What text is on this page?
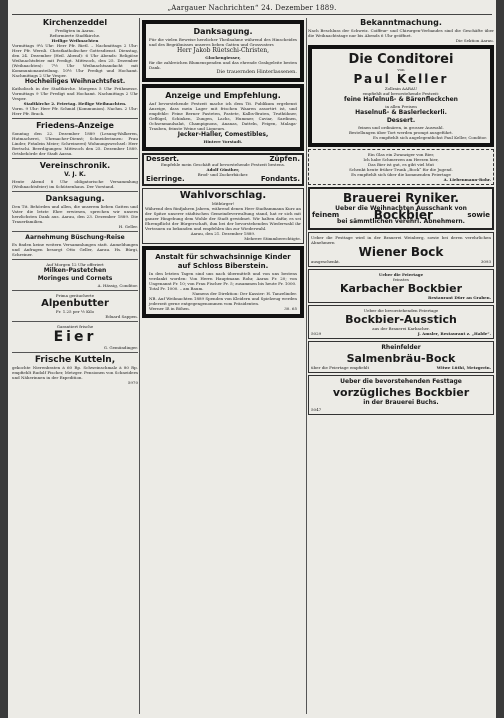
„Aargauer Nachrichten“ 24. Dezember 1889.
Kirchenzeddel
Predigten in Aarau.
Reformierte Stadtkirche.
Heilige Weihnachten

Vormittags 9¼ Uhr: Herr Pfr. Rietl. – Nachmittags 2 Uhr: Herr Pfr. Wernli. Christkatholischer Gottesdienst. Dienstag, den 24. Dezember (Heil. Abend): 6 Uhr Abends: Religiöse Weihnachtsfeier mit Predigt. Mittwoch, den 25. Dezember (Weihnachten): 7½ Uhr Weihnachtsandacht mit Kommunionausteilung. 10½ Uhr Predigt und Hochamt. Nachmittags 2 Uhr Vesper.

Hochheiliges Weihnachtsfest.

Katholisch in der Stadtkirche. Morgens 5 Uhr Frühmesse. Vormittags 9 Uhr Predigt und Hochamt. Nachmittags 2 Uhr Vesper.

Stadtkirche 2. Feiertag. Heilige Weihnachten.

Vorm. 9 Uhr: Herr Pfr. Schmid (Kommunion). Nachm. 2 Uhr: Herr Pfr. Brack.

Friedens-Anzeige

Sonntag den 22. Dezember 1889 (Lesung-Walkeren, Hutmacherei, Uhrmacher-Dienst; Schneiderinnen: Frau Linder, Fräulein Meier; Schreinerei) Wohnungswechsel: Herr Bertschi. Beerdigungen: Mittwoch den 25. Dezember 1889. Ortsbehörde der Stadt Aarau.

Vereinschronik.
V. J. K.

Heute Abend 8 Uhr obligatorische Versammlung (Weihnachtsfeier) im Schützenhaus. Der Vorstand.

Danksagung.

Den Tit. Behörden und allen, die unserem lieben Gatten und Vater die letzte Ehre erwiesen, sprechen wir unsern herzlichsten Dank aus. Aarau, den 23. Dezember 1889. Die Trauerfamilien.

H. Geller.
Aarnehmung Büschung-Reise

Es finden keine weitern Versammlungen statt. Anmeldungen und Anfragen besorgt Otto Geller, Aarau. Hs. Bürgi, Schreiner.

Auf Morgen 12 Uhr offeriert
Milken-Pastetchen
Moringes und Cornets
A. Hässig, Conditor.
Prima geräucherte
Alpenbutter
Fr. 1.25 per ½ Kilo
Eduard Sappen.
Garantiert frische
Eier
G. Gemündinger.
Frische Kutteln,

gekochte Nierenbraten à 60 Rp. Schweinschmalz à 80 Rp. empfiehlt Rudolf Fischer, Metzger. Pensionen von Schneidern und Näherinnen in der Expedition.

5970
Danksagung.

Für die vielen Beweise herzlicher Theilnahme während des Hinscheides und des Begräbnisses unseres lieben Gatten und Grossvaters

Herr Jakob Rüetschi-Christen,
Glockengiesser,

für die zahlreichen Blumenspenden und das ehrende Grabgeleite besten Dank.

Die trauernden Hinterlassenen.
Anzeige und Empfehlung.

Auf bevorstehende Festzeit mache ich dem Tit. Publikum ergebenst Anzeige, dass mein Lager mit frischen Waaren assortirt ist, und empfehle: Feine Berner Pasteten, Pastete, Kalbs-Braten, Truthühner, Geflügel, Schinken, Zungen, Lachs, Hummer, Caviar, Sardinen, Ochsenmaulsalat, Champignons, Ananas, Datteln, Feigen, Malaga-Trauben, feinste Weine und Liqueurs.

Jecker-Haller, Comestibles,
Hintere Vorstadt.
Dessert.	Züpfen.
Empfehle mein Geschäft auf bevorstehende Festzeit bestens.
Adolf Günther,
Brod- und Zuckerbäcker.
Eierringe.	Fondants.
Wahlvorschlag.
Mitbürger!

Während den fünfjahren Jahren, während denen Herr Stadtammann Kurz an der Spitze unserer städtischen Gemeindeverwaltung stand, hat er sich mit ganzer Hingebung dem Wohle der Stadt gewidmet. Wir halten dafür, es sei Ehrenpflicht der Bürgerschaft, ihm bei der bevorstehenden Wiederwahl ihr Vertrauen zu bekunden und empfehlen ihn zur Wiederwahl.

Aarau, den 21. Dezember 1889.
Mehrere Stimmberechtigte.
Anstalt für schwachsinnige Kinder auf Schloss Biberstein.

In den letzten Tagen sind uns nach übermittelt und von uns bestens verdankt worden: Von Herrn Hauptmann Rohr, Aarau Fr. 20; von Ungenannt Fr. 10; von Frau Fischer Fr. 5; zusammen bis heute Fr. 1000.

Total Fr. 1000. – am Baum.
Namens der Direktion: Der Kassier: H. Tanzelinder.

NB. Auf Weihnachten 1889 Spenden von Kleidern und Spielzeug werden jederzeit gerne entgegengenommen vom Präsidenten.

Werner Iß in Böhen.	30. 65
Bekanntmachung.

Nach Beschluss der Schweiz. Coiffeur- und Chirurgen-Verbandes sind die Geschäfte über die Weihnachtstage nur bis Abends 6 Uhr geöffnet.

Die Sektion Aarau.
Die Conditorei
von
Paul Keller
Zollrain AARAU
empfiehlt auf bevorstehende Festzeit:
feine Hafelnuß- & Bärenfleckchen
in allen Preisen
Haselnuß- & Baslerleckerli.
Dessert.
feinen und ordinären, in grosser Auswahl.
Bestellungen über Tort werden prompt ausgeführt.
Es empfiehlt sich angelegentlichst Paul Keller, Conditor.
Ein Glas ein Zwanziger von Bier,
Ich habe Schmerzen am Herzen hier,
Das Bier ist gut, es gibt viel Mut
Schenkt heute früher Trunk „Bock“ für die Jugend.
Es empfiehlt sich über die kommenden Feiertage
A. Liebenmann-Rohr.
Brauerei Ryniker.
Ueber die Weihnachten Ausschank von
feinem	Bockbier	sowie
bei sämmtlichen verehrl. Abnehmern.

Ueber die Festtage wird in der Brauerei Weinberg, sowie bei deren verehrlichen Abnehmern

Wiener Bock
ausgeschenkt.	3093
Ueber die Feiertage
feinstes
Karbacher Bockbier
Restaurant Dürr an Graben.
Ueber die bevorstehenden Feiertage
Bockbier-Ausstich
aus der Brauerei Karbacher.
5029	J. Amsler, Restaurant z. „Halde“.
Rheinfelder
Salmenbräu-Bock
über die Feiertage empfiehlt	Witwe Lüthi, Metzgerin.
Ueber die bevorstehenden Festtage
vorzügliches Bockbier
in der Brauerei Buchs.
5047
